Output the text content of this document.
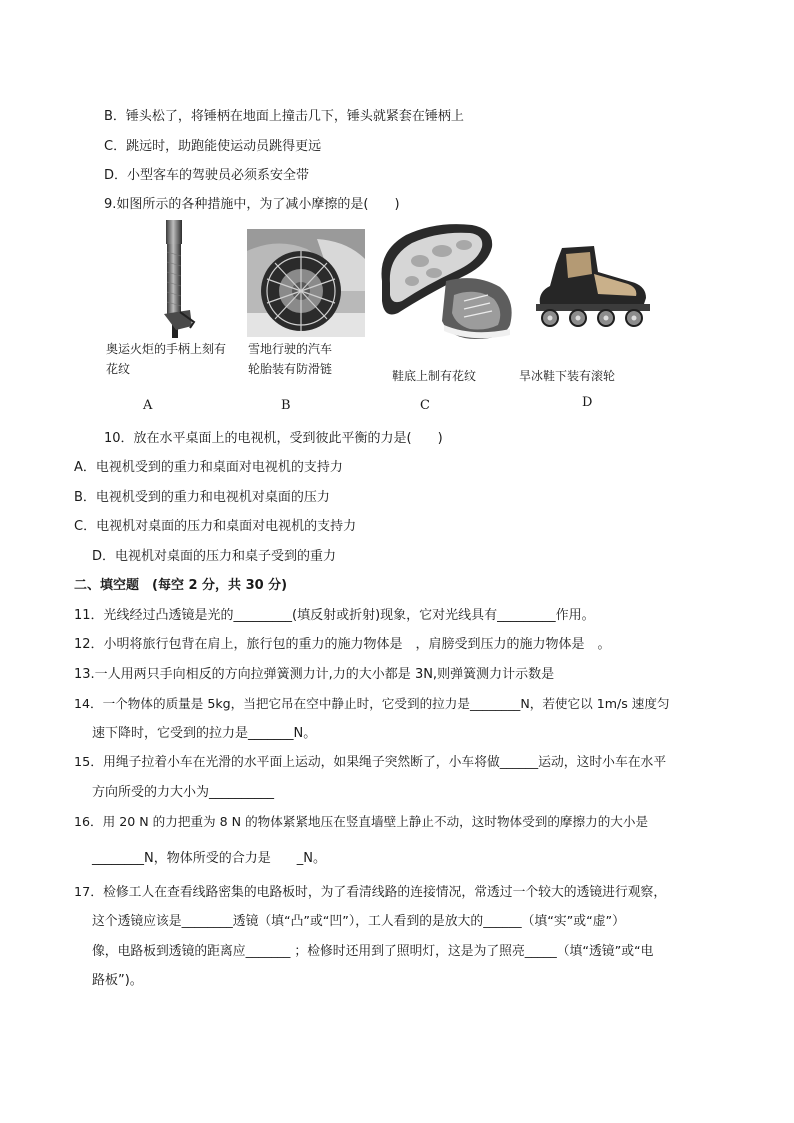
B．锤头松了，将锤柄在地面上撞击几下，锤头就紧套在锤柄上
C．跳远时，助跑能使运动员跳得更远
D．小型客车的驾驶员必须系安全带
9.如图所示的各种措施中，为了减小摩擦的是(　　)
奥运火炬的手柄上刻有
花纹
A
雪地行驶的汽车
轮胎装有防滑链
B
鞋底上制有花纹
C
旱冰鞋下装有滚轮
D
10．放在水平桌面上的电视机，受到彼此平衡的力是(　　)
A．电视机受到的重力和桌面对电视机的支持力
B．电视机受到的重力和电视机对桌面的压力
C．电视机对桌面的压力和桌面对电视机的支持力
D．电视机对桌面的压力和桌子受到的重力
二、填空题　(每空 2 分，共 30 分)
11．光线经过凸透镜是光的_________(填反射或折射)现象，它对光线具有_________作用。
12．小明将旅行包背在肩上，旅行包的重力的施力物体是　，肩膀受到压力的施力物体是　。
13.一人用两只手向相反的方向拉弹簧测力计,力的大小都是 3N,则弹簧测力计示数是
14．一个物体的质量是 5kg，当把它吊在空中静止时，它受到的拉力是________N，若使它以 1m/s 速度匀
速下降时，它受到的拉力是_______N。
15．用绳子拉着小车在光滑的水平面上运动，如果绳子突然断了，小车将做______运动，这时小车在水平
方向所受的力大小为__________
16．用 20 N 的力把重为 8 N 的物体紧紧地压在竖直墙壁上静止不动，这时物体受到的摩擦力的大小是
________N，物体所受的合力是　　_N。
17．检修工人在查看线路密集的电路板时，为了看清线路的连接情况，常透过一个较大的透镜进行观察，
这个透镜应该是________透镜（填“凸”或“凹”），工人看到的是放大的______（填“实”或“虚”）
像，电路板到透镜的距离应_______ ；检修时还用到了照明灯，这是为了照亮_____（填“透镜”或“电
路板”)。
